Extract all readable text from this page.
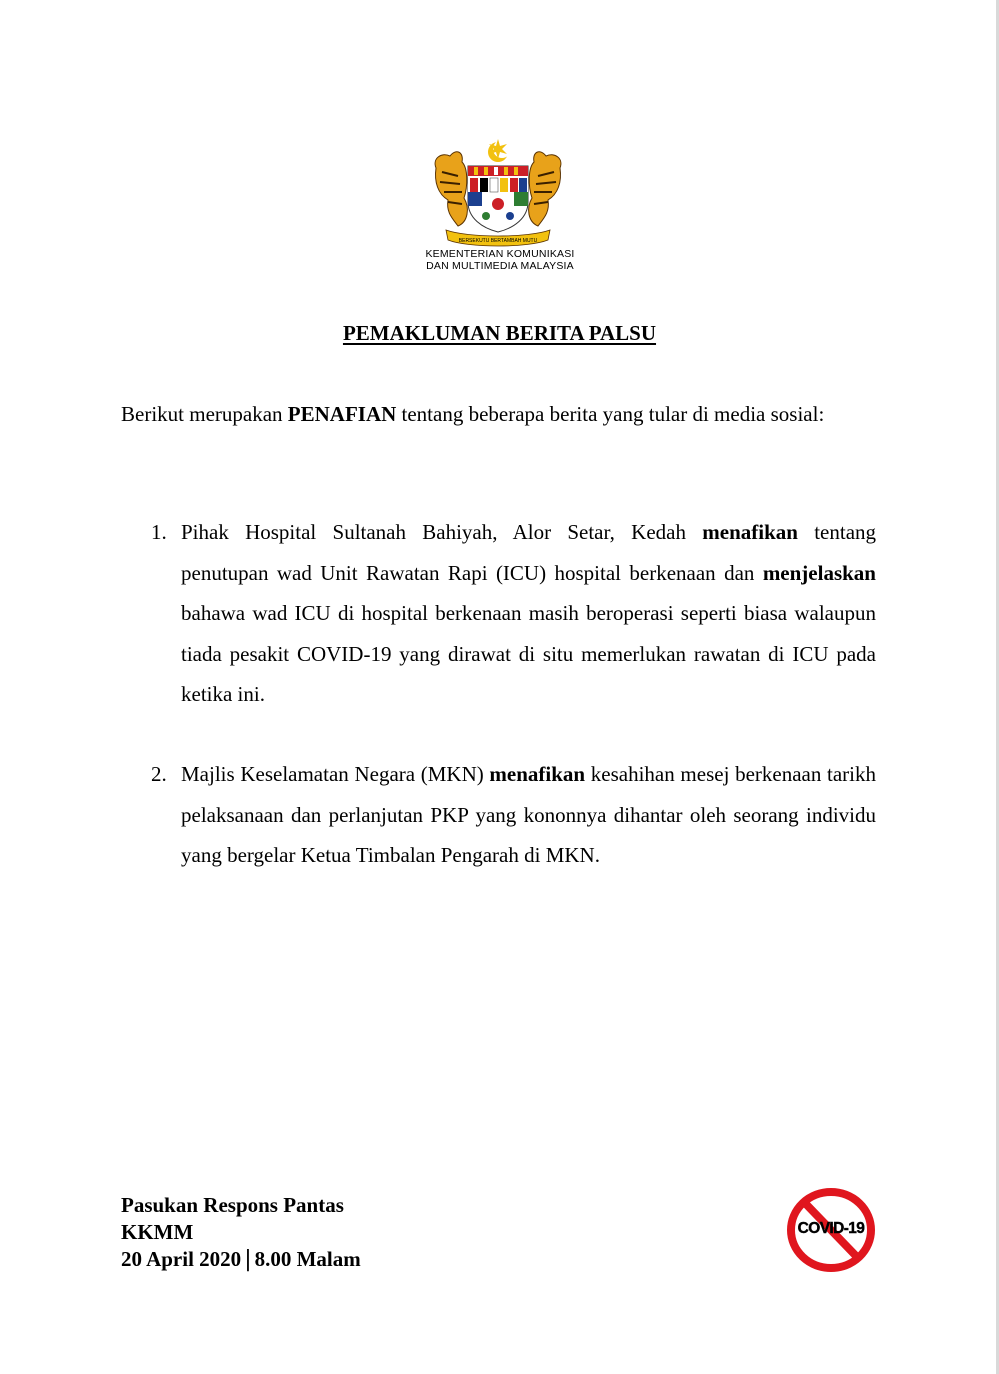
BERSEKUTU BERTAMBAH MUTU
KEMENTERIAN KOMUNIKASI
DAN MULTIMEDIA MALAYSIA
PEMAKLUMAN BERITA PALSU
Berikut merupakan PENAFIAN tentang beberapa berita yang tular di media sosial:
1. Pihak Hospital Sultanah Bahiyah, Alor Setar, Kedah menafikan tentang penutupan wad Unit Rawatan Rapi (ICU) hospital berkenaan dan menjelaskan bahawa wad ICU di hospital berkenaan masih beroperasi seperti biasa walaupun tiada pesakit COVID-19 yang dirawat di situ memerlukan rawatan di ICU pada ketika ini.
2. Majlis Keselamatan Negara (MKN) menafikan kesahihan mesej berkenaan tarikh pelaksanaan dan perlanjutan PKP yang kononnya dihantar oleh seorang individu yang bergelar Ketua Timbalan Pengarah di MKN.
Pasukan Respons Pantas
KKMM
20 April 2020 | 8.00 Malam
COVID-19
